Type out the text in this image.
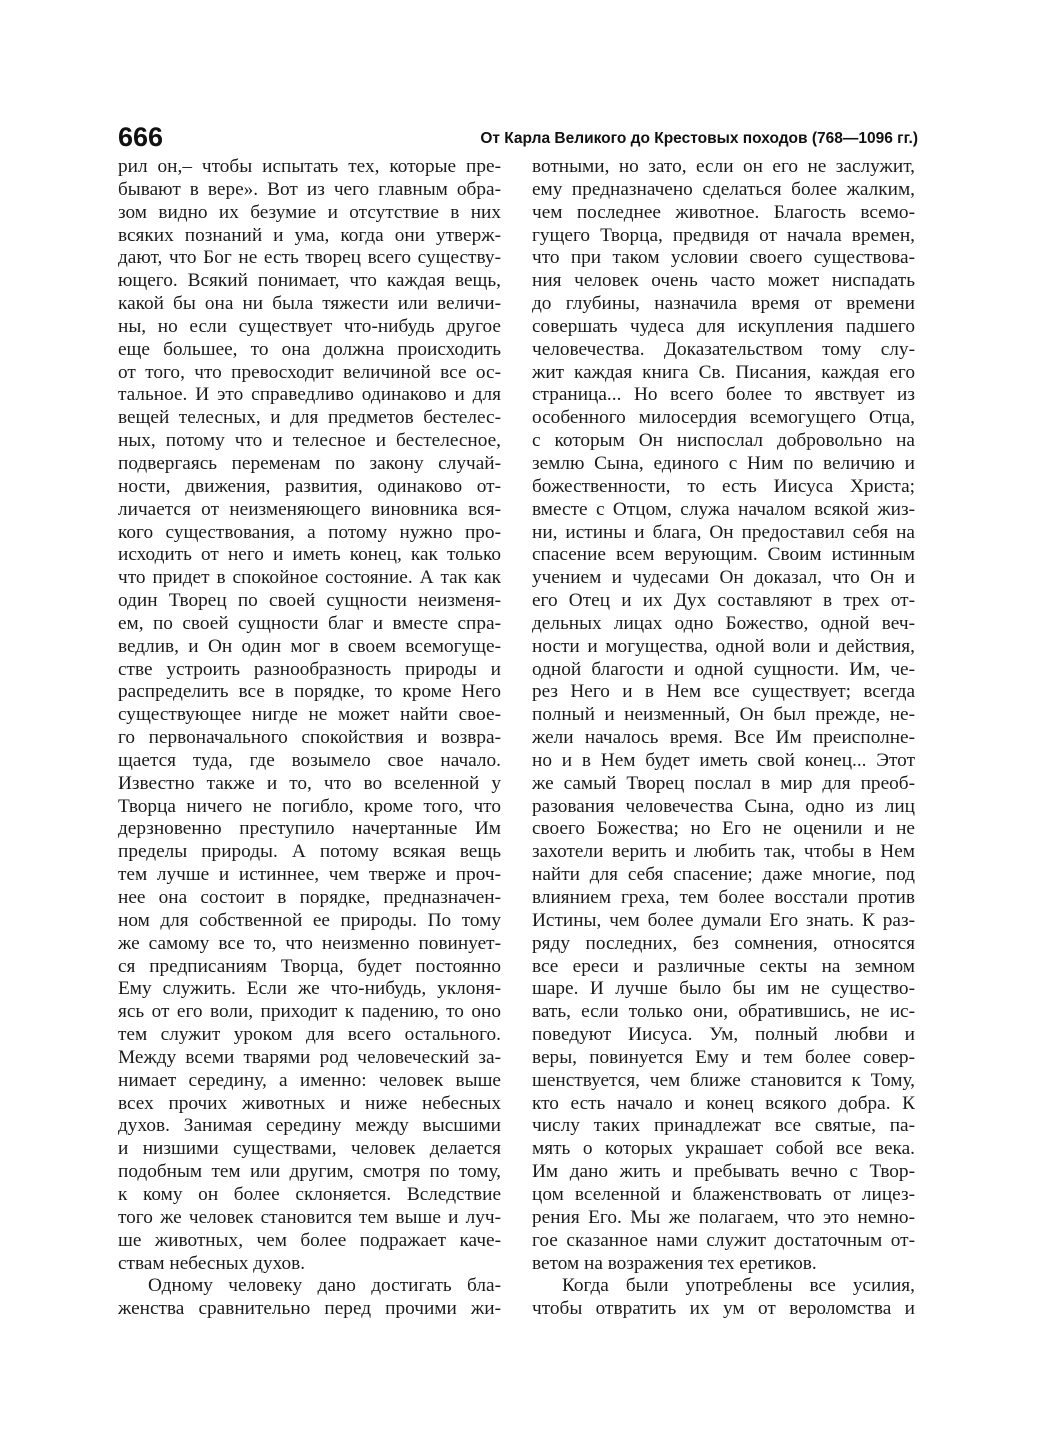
666	От Карла Великого до Крестовых походов (768—1096 гг.)
рил он,– чтобы испытать тех, которые пре-
бывают в вере». Вот из чего главным обра-
зом видно их безумие и отсутствие в них
всяких познаний и ума, когда они утверж-
дают, что Бог не есть творец всего существу-
ющего. Всякий понимает, что каждая вещь,
какой бы она ни была тяжести или величи-
ны, но если существует что-нибудь другое
еще большее, то она должна происходить
от того, что превосходит величиной все ос-
тальное. И это справедливо одинаково и для
вещей телесных, и для предметов бестелес-
ных, потому что и телесное и бестелесное,
подвергаясь переменам по закону случай-
ности, движения, развития, одинаково от-
личается от неизменяющего виновника вся-
кого существования, а потому нужно про-
исходить от него и иметь конец, как только
что придет в спокойное состояние. А так как
один Творец по своей сущности неизменя-
ем, по своей сущности благ и вместе спра-
ведлив, и Он один мог в своем всемогуще-
стве устроить разнообразность природы и
распределить все в порядке, то кроме Него
существующее нигде не может найти свое-
го первоначального спокойствия и возвра-
щается туда, где возымело свое начало.
Известно также и то, что во вселенной у
Творца ничего не погибло, кроме того, что
дерзновенно преступило начертанные Им
пределы природы. А потому всякая вещь
тем лучше и истиннее, чем тверже и проч-
нее она состоит в порядке, предназначен-
ном для собственной ее природы. По тому
же самому все то, что неизменно повинует-
ся предписаниям Творца, будет постоянно
Ему служить. Если же что-нибудь, уклоня-
ясь от его воли, приходит к падению, то оно
тем служит уроком для всего остального.
Между всеми тварями род человеческий за-
нимает середину, а именно: человек выше
всех прочих животных и ниже небесных
духов. Занимая середину между высшими
и низшими существами, человек делается
подобным тем или другим, смотря по тому,
к кому он более склоняется. Вследствие
того же человек становится тем выше и луч-
ше животных, чем более подражает каче-
ствам небесных духов.
Одному человеку дано достигать бла-
женства сравнительно перед прочими жи-
вотными, но зато, если он его не заслужит,
ему предназначено сделаться более жалким,
чем последнее животное. Благость всемо-
гущего Творца, предвидя от начала времен,
что при таком условии своего существова-
ния человек очень часто может ниспадать
до глубины, назначила время от времени
совершать чудеса для искупления падшего
человечества. Доказательством тому слу-
жит каждая книга Св. Писания, каждая его
страница... Но всего более то явствует из
особенного милосердия всемогущего Отца,
с которым Он ниспослал добровольно на
землю Сына, единого с Ним по величию и
божественности, то есть Иисуса Христа;
вместе с Отцом, служа началом всякой жиз-
ни, истины и блага, Он предоставил себя на
спасение всем верующим. Своим истинным
учением и чудесами Он доказал, что Он и
его Отец и их Дух составляют в трех от-
дельных лицах одно Божество, одной веч-
ности и могущества, одной воли и действия,
одной благости и одной сущности. Им, че-
рез Него и в Нем все существует; всегда
полный и неизменный, Он был прежде, не-
жели началось время. Все Им преисполне-
но и в Нем будет иметь свой конец... Этот
же самый Творец послал в мир для преоб-
разования человечества Сына, одно из лиц
своего Божества; но Его не оценили и не
захотели верить и любить так, чтобы в Нем
найти для себя спасение; даже многие, под
влиянием греха, тем более восстали против
Истины, чем более думали Его знать. К раз-
ряду последних, без сомнения, относятся
все ереси и различные секты на земном
шаре. И лучше было бы им не существо-
вать, если только они, обратившись, не ис-
поведуют Иисуса. Ум, полный любви и
веры, повинуется Ему и тем более совер-
шенствуется, чем ближе становится к Тому,
кто есть начало и конец всякого добра. К
числу таких принадлежат все святые, па-
мять о которых украшает собой все века.
Им дано жить и пребывать вечно с Твор-
цом вселенной и блаженствовать от лицез-
рения Его. Мы же полагаем, что это немно-
гое сказанное нами служит достаточным от-
ветом на возражения тех еретиков.
Когда были употреблены все усилия,
чтобы отвратить их ум от вероломства и
